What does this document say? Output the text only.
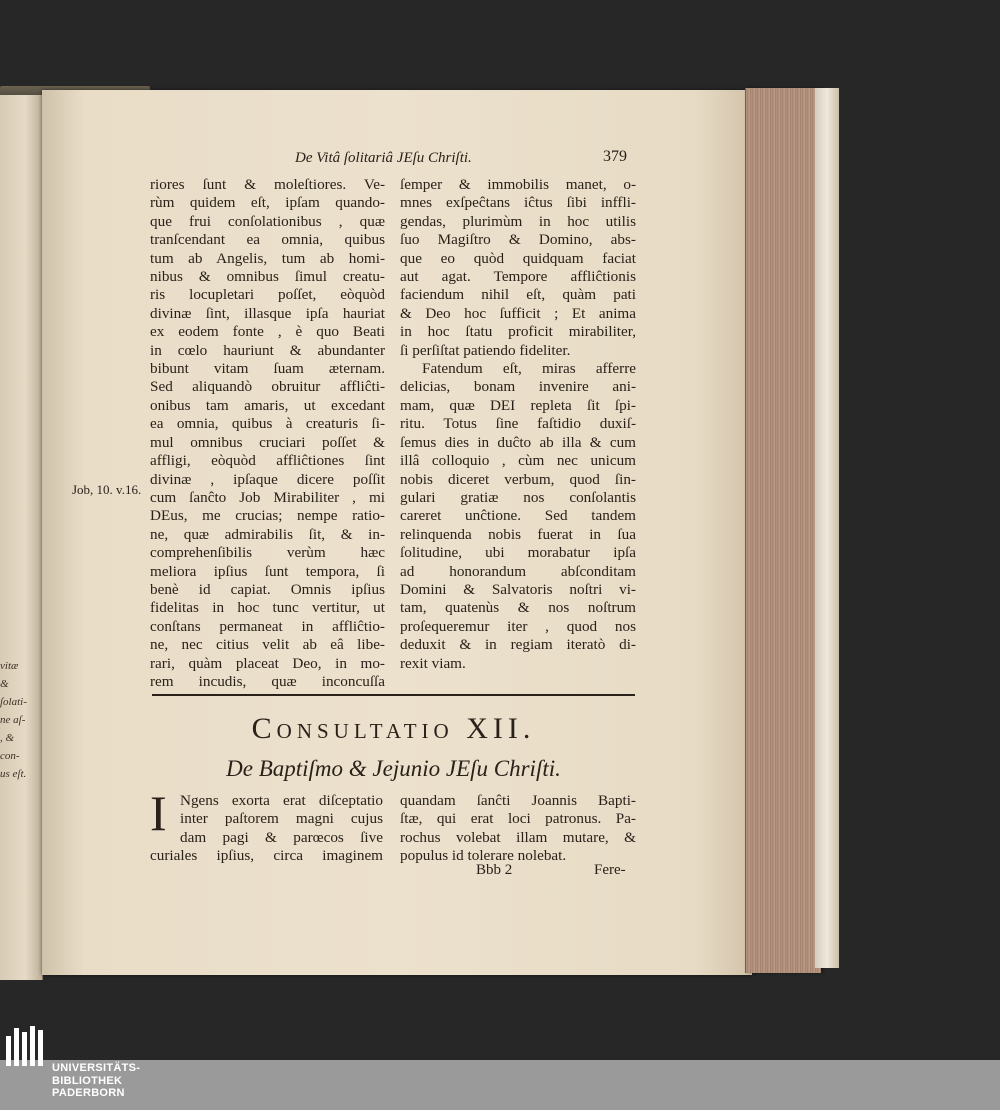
vitæ
&
ſolati-
ne aſ-
, &
con-
us eſt.
De Vitâ ſolitariâ JEſu Chriſti.	379
Job, 10. v.16.
riores ſunt & moleſtiores. Ve-
rùm quidem eſt, ipſam quando-
que frui conſolationibus , quæ
tranſcendant ea omnia, quibus
tum ab Angelis, tum ab homi-
nibus & omnibus ſimul creatu-
ris locupletari poſſet, eòquòd
divinæ ſint, illasque ipſa hauriat
ex eodem fonte , è quo Beati
in cœlo hauriunt & abundanter
bibunt vitam ſuam æternam.
Sed aliquandò obruitur affliĉti-
onibus tam amaris, ut excedant
ea omnia, quibus à creaturis ſi-
mul omnibus cruciari poſſet &
affligi, eòquòd affliĉtiones ſint
divinæ , ipſaque dicere poſſit
cum ſanĉto Job Mirabiliter , mi
DEus, me crucias; nempe ratio-
ne, quæ admirabilis ſit, & in-
comprehenſibilis verùm hæc
meliora ipſius ſunt tempora, ſi
benè id capiat. Omnis ipſius
fidelitas in hoc tunc vertitur, ut
conſtans permaneat in affliĉtio-
ne, nec citius velit ab eâ libe-
rari, quàm placeat Deo, in mo-
rem incudis, quæ inconcuſſa
ſemper & immobilis manet, o-
mnes exſpeĉtans iĉtus ſibi inffli-
gendas, plurimùm in hoc utilis
ſuo Magiſtro & Domino, abs-
que eo quòd quidquam faciat
aut agat. Tempore affliĉtionis
faciendum nihil eſt, quàm pati
& Deo hoc ſufficit ; Et anima
in hoc ſtatu proficit mirabiliter,
ſi perſiſtat patiendo fideliter.
Fatendum eſt, miras afferre
delicias, bonam invenire ani-
mam, quæ DEI repleta ſit ſpi-
ritu. Totus ſine faſtidio duxiſ-
ſemus dies in duĉto ab illa & cum
illâ colloquio , cùm nec unicum
nobis diceret verbum, quod ſin-
gulari gratiæ nos conſolantis
careret unĉtione. Sed tandem
relinquenda nobis fuerat in ſua
ſolitudine, ubi morabatur ipſa
ad honorandum abſconditam
Domini & Salvatoris noſtri vi-
tam, quatenùs & nos noſtrum
proſequeremur iter , quod nos
deduxit & in regiam iteratò di-
rexit viam.
Consultatio XII.
De Baptiſmo & Jejunio JEſu Chriſti.
I Ngens exorta erat diſceptatio
inter paſtorem magni cujus
dam pagi & parœcos ſive
curiales ipſius, circa imaginem
quandam ſanĉti Joannis Bapti-
ſtæ, qui erat loci patronus. Pa-
rochus volebat illam mutare, &
populus id tolerare nolebat.
Bbb 2	Fere-
UNIVERSITÄTS-
BIBLIOTHEK
PADERBORN
